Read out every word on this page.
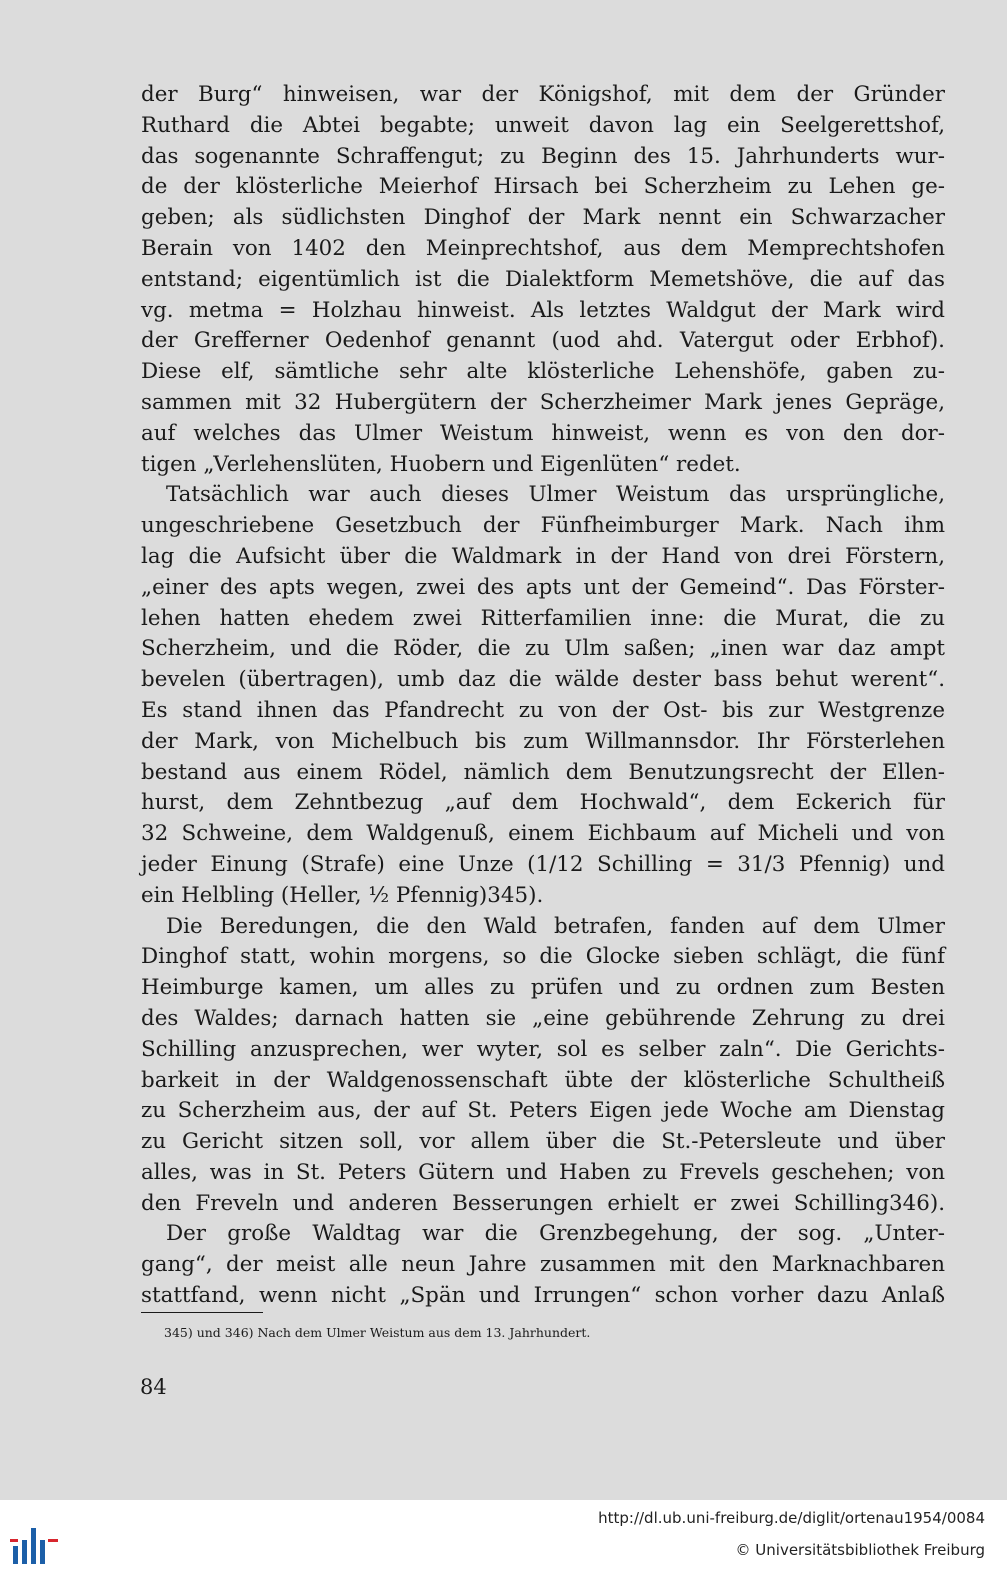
der Burg“ hinweisen, war der Königshof, mit dem der Gründer
Ruthard die Abtei begabte; unweit davon lag ein Seelgerettshof,
das sogenannte Schraffengut; zu Beginn des 15. Jahrhunderts wur-
de der klösterliche Meierhof Hirsach bei Scherzheim zu Lehen ge-
geben; als südlichsten Dinghof der Mark nennt ein Schwarzacher
Berain von 1402 den Meinprechtshof, aus dem Memprechtshofen
entstand; eigentümlich ist die Dialektform Memetshöve, die auf das
vg. metma = Holzhau hinweist. Als letztes Waldgut der Mark wird
der Grefferner Oedenhof genannt (uod ahd. Vatergut oder Erbhof).
Diese elf, sämtliche sehr alte klösterliche Lehenshöfe, gaben zu-
sammen mit 32 Hubergütern der Scherzheimer Mark jenes Gepräge,
auf welches das Ulmer Weistum hinweist, wenn es von den dor-
tigen „Verlehenslüten, Huobern und Eigenlüten“ redet.
Tatsächlich war auch dieses Ulmer Weistum das ursprüngliche,
ungeschriebene Gesetzbuch der Fünfheimburger Mark. Nach ihm
lag die Aufsicht über die Waldmark in der Hand von drei Förstern,
„einer des apts wegen, zwei des apts unt der Gemeind“. Das Förster-
lehen hatten ehedem zwei Ritterfamilien inne: die Murat, die zu
Scherzheim, und die Röder, die zu Ulm saßen; „inen war daz ampt
bevelen (übertragen), umb daz die wälde dester bass behut werent“.
Es stand ihnen das Pfandrecht zu von der Ost- bis zur Westgrenze
der Mark, von Michelbuch bis zum Willmannsdor. Ihr Försterlehen
bestand aus einem Rödel, nämlich dem Benutzungsrecht der Ellen-
hurst, dem Zehntbezug „auf dem Hochwald“, dem Eckerich für
32 Schweine, dem Waldgenuß, einem Eichbaum auf Micheli und von
jeder Einung (Strafe) eine Unze (1/12 Schilling = 31/3 Pfennig) und
ein Helbling (Heller, ½ Pfennig)345).
Die Beredungen, die den Wald betrafen, fanden auf dem Ulmer
Dinghof statt, wohin morgens, so die Glocke sieben schlägt, die fünf
Heimburge kamen, um alles zu prüfen und zu ordnen zum Besten
des Waldes; darnach hatten sie „eine gebührende Zehrung zu drei
Schilling anzusprechen, wer wyter, sol es selber zaln“. Die Gerichts-
barkeit in der Waldgenossenschaft übte der klösterliche Schultheiß
zu Scherzheim aus, der auf St. Peters Eigen jede Woche am Dienstag
zu Gericht sitzen soll, vor allem über die St.-Petersleute und über
alles, was in St. Peters Gütern und Haben zu Frevels geschehen; von
den Freveln und anderen Besserungen erhielt er zwei Schilling346).
Der große Waldtag war die Grenzbegehung, der sog. „Unter-
gang“, der meist alle neun Jahre zusammen mit den Marknachbaren
stattfand, wenn nicht „Spän und Irrungen“ schon vorher dazu Anlaß
345) und 346) Nach dem Ulmer Weistum aus dem 13. Jahrhundert.
84
http://dl.ub.uni-freiburg.de/diglit/ortenau1954/0084
© Universitätsbibliothek Freiburg
